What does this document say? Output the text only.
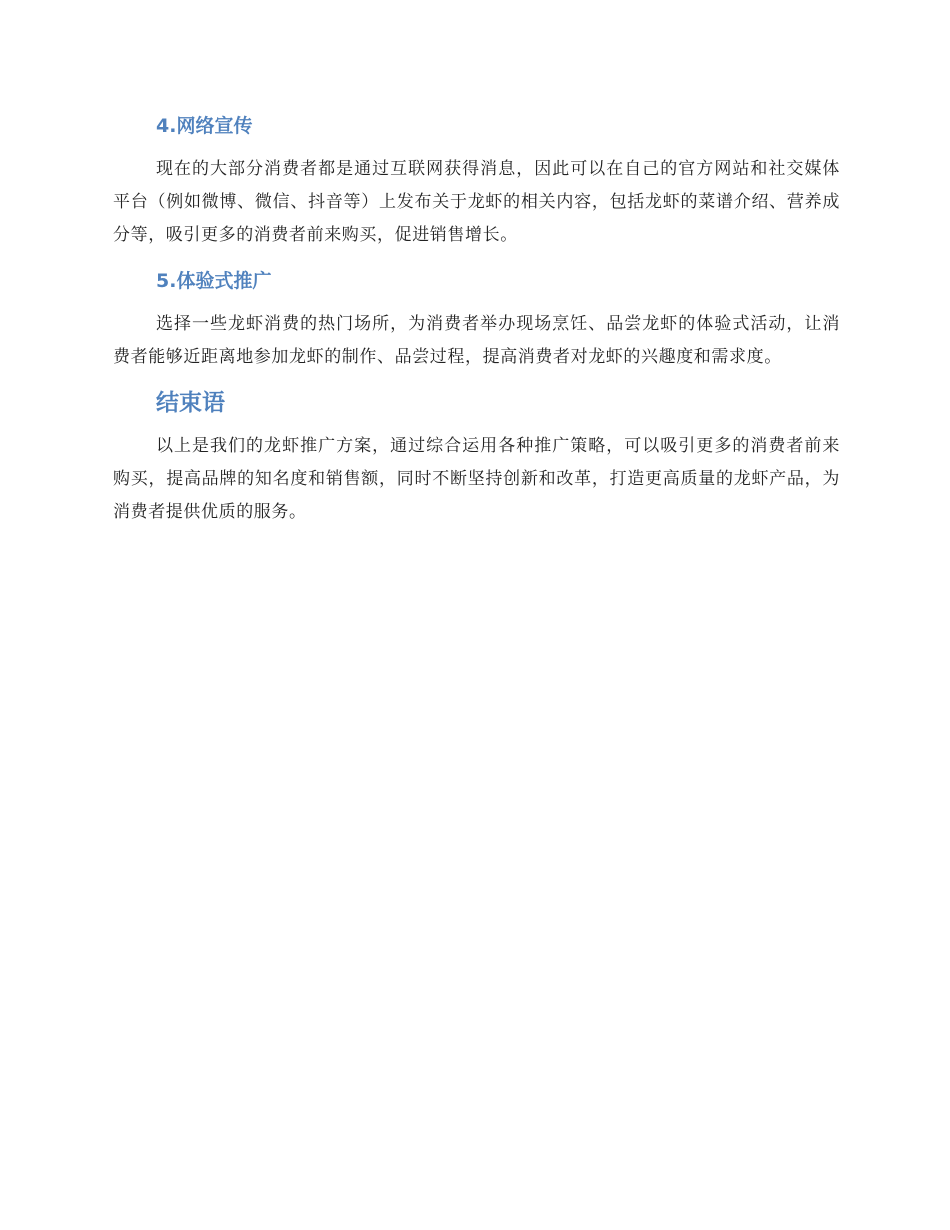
4.网络宣传

现在的大部分消费者都是通过互联网获得消息，因此可以在自己的官方网站和社交媒体平台（例如微博、微信、抖音等）上发布关于龙虾的相关内容，包括龙虾的菜谱介绍、营养成分等，吸引更多的消费者前来购买，促进销售增长。

5.体验式推广

选择一些龙虾消费的热门场所，为消费者举办现场烹饪、品尝龙虾的体验式活动，让消费者能够近距离地参加龙虾的制作、品尝过程，提高消费者对龙虾的兴趣度和需求度。

结束语

以上是我们的龙虾推广方案，通过综合运用各种推广策略，可以吸引更多的消费者前来购买，提高品牌的知名度和销售额，同时不断坚持创新和改革，打造更高质量的龙虾产品，为消费者提供优质的服务。
